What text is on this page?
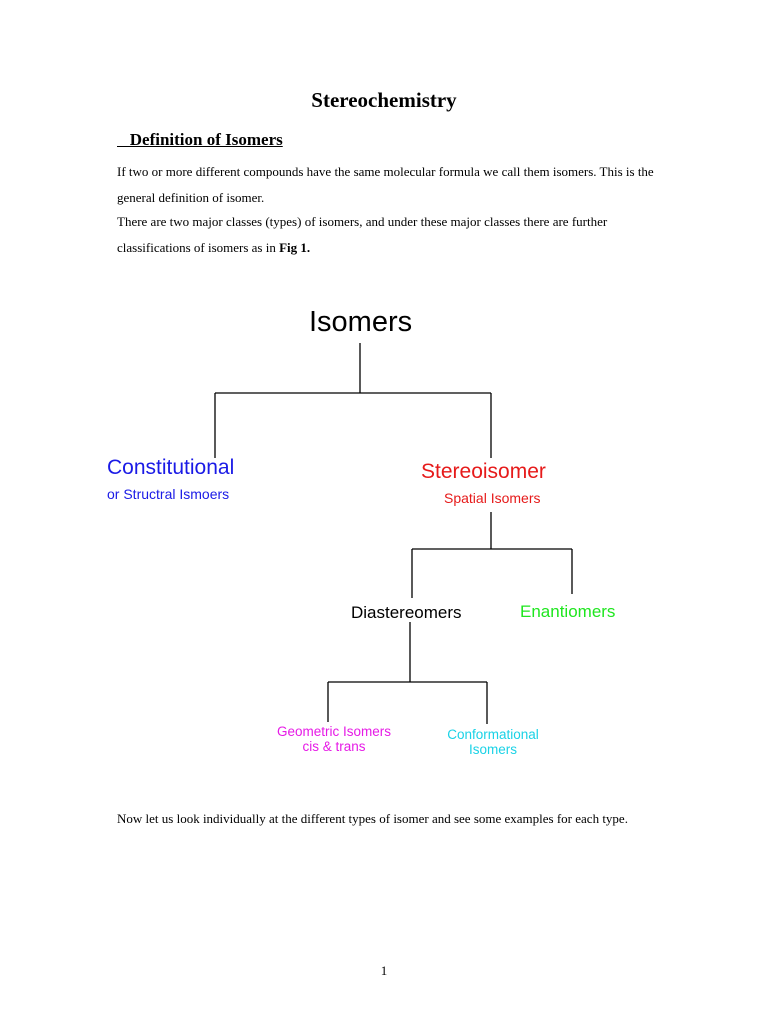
Stereochemistry
Definition of Isomers
If two or more different compounds have the same molecular formula we call them isomers. This is the general definition of isomer.
There are two major classes (types) of isomers, and under these major classes there are further classifications of isomers as in Fig 1.
Isomers
Constitutional
or Structral Ismoers
Stereoisomer
Spatial Isomers
Diastereomers	Enantiomers
Geometric Isomers
cis & trans
Conformational
Isomers
Now let us look individually at the different types of isomer and see some examples for each type.
1
